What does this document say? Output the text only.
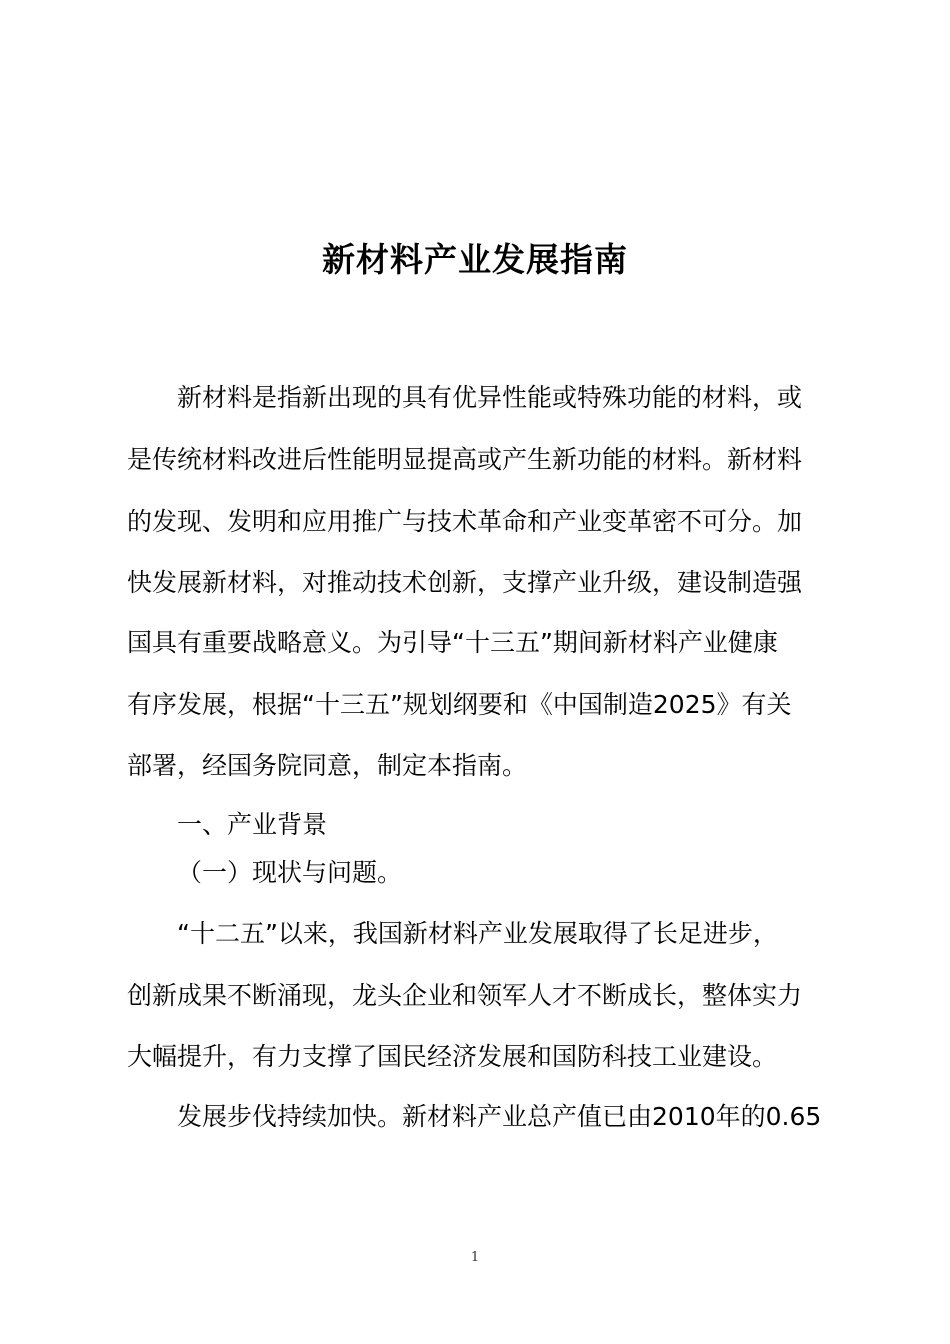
新材料产业发展指南
新材料是指新出现的具有优异性能或特殊功能的材料，或
是传统材料改进后性能明显提高或产生新功能的材料。新材料
的发现、发明和应用推广与技术革命和产业变革密不可分。加
快发展新材料，对推动技术创新，支撑产业升级，建设制造强
国具有重要战略意义。为引导“十三五”期间新材料产业健康
有序发展，根据“十三五”规划纲要和《中国制造2025》有关
部署，经国务院同意，制定本指南。
一、产业背景
（一）现状与问题。
“十二五”以来，我国新材料产业发展取得了长足进步，
创新成果不断涌现，龙头企业和领军人才不断成长，整体实力
大幅提升，有力支撑了国民经济发展和国防科技工业建设。
发展步伐持续加快。新材料产业总产值已由2010年的0.65
1
